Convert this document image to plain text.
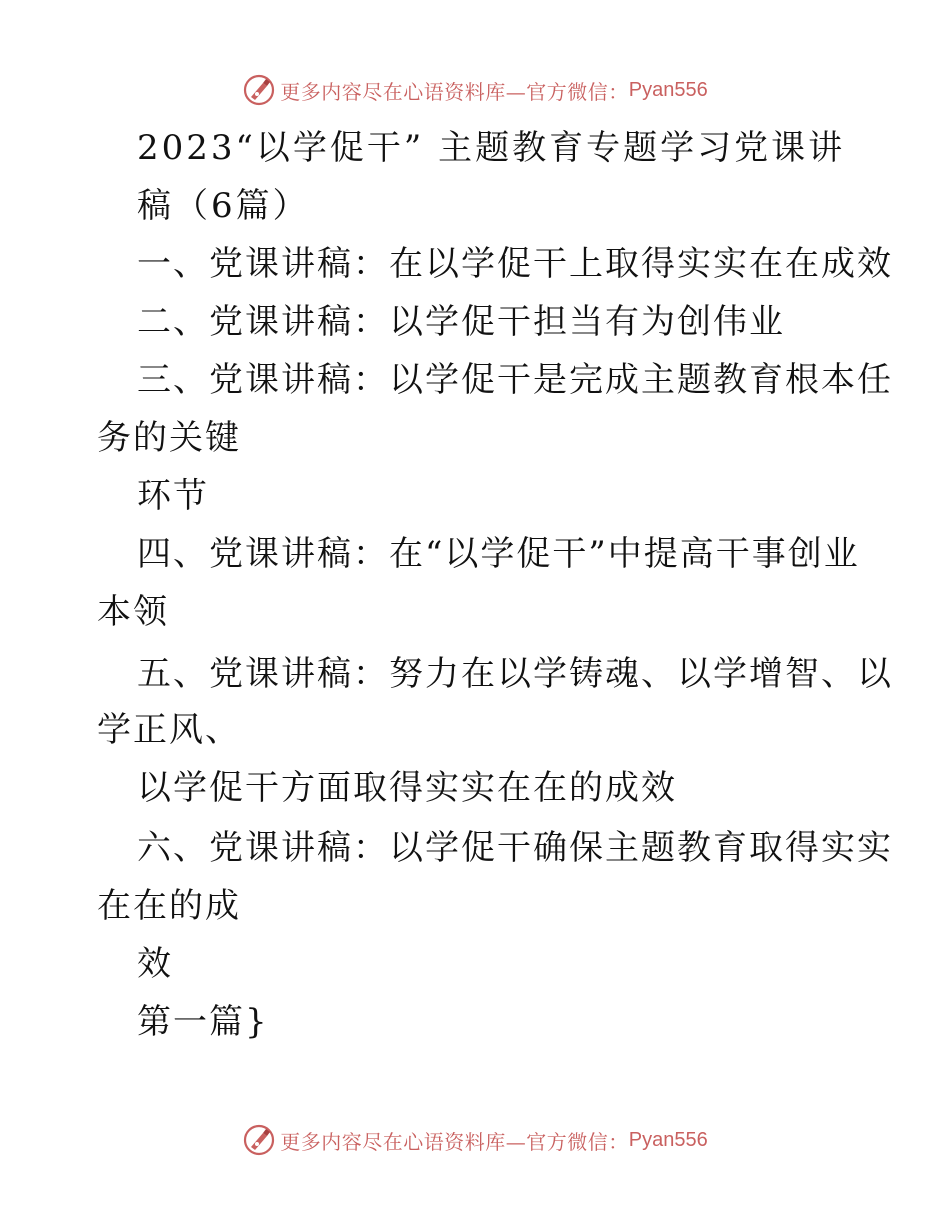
更多内容尽在心语资料库—官方微信： Pyan556
2023“以学促干” 主题教育专题学习党课讲
稿（6篇）
一、党课讲稿：在以学促干上取得实实在在成效
二、党课讲稿：以学促干担当有为创伟业
三、党课讲稿：以学促干是完成主题教育根本任
务的关键
环节
四、党课讲稿：在“以学促干”中提高干事创业
本领
五、党课讲稿：努力在以学铸魂、以学增智、以
学正风、
以学促干方面取得实实在在的成效
六、党课讲稿：以学促干确保主题教育取得实实
在在的成
效
第一篇}
更多内容尽在心语资料库—官方微信： Pyan556
